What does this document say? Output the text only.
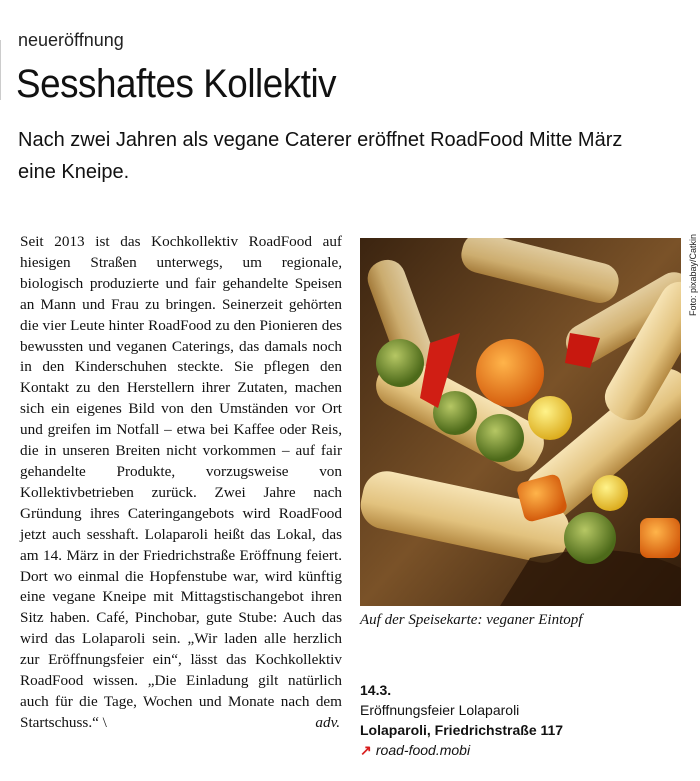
neueröffnung
Sesshaftes Kollektiv
Nach zwei Jahren als vegane Caterer eröffnet RoadFood Mitte März eine Kneipe.
Seit 2013 ist das Kochkollektiv RoadFood auf hiesigen Straßen unterwegs, um regionale, biologisch produzierte und fair gehandelte Speisen an Mann und Frau zu bringen. Seinerzeit gehörten die vier Leute hinter RoadFood zu den Pionieren des bewussten und veganen Caterings, das damals noch in den Kinderschuhen steckte. Sie pflegen den Kontakt zu den Herstellern ihrer Zutaten, machen sich ein eigenes Bild von den Umständen vor Ort und greifen im Notfall – etwa bei Kaffee oder Reis, die in unseren Breiten nicht vorkommen – auf fair gehandelte Produkte, vorzugsweise von Kollektivbetrieben zurück. Zwei Jahre nach Gründung ihres Cateringangebots wird RoadFood jetzt auch sesshaft. Lolaparoli heißt das Lokal, das am 14. März in der Friedrichstraße Eröffnung feiert. Dort wo einmal die Hopfenstube war, wird künftig eine vegane Kneipe mit Mittagstischangebot ihren Sitz haben. Café, Pinchobar, gute Stube: Auch das wird das Lolaparoli sein. „Wir laden alle herzlich zur Eröffnungsfeier ein“, lässt das Kochkollektiv RoadFood wissen. „Die Einladung gilt natürlich auch für die Tage, Wochen und Monate nach dem Startschuss.“ \	adv.
Foto: pixabay/Catkin
Auf der Speisekarte: veganer Eintopf
14.3.
Eröffnungsfeier Lolaparoli
Lolaparoli, Friedrichstraße 117
↗ road-food.mobi
